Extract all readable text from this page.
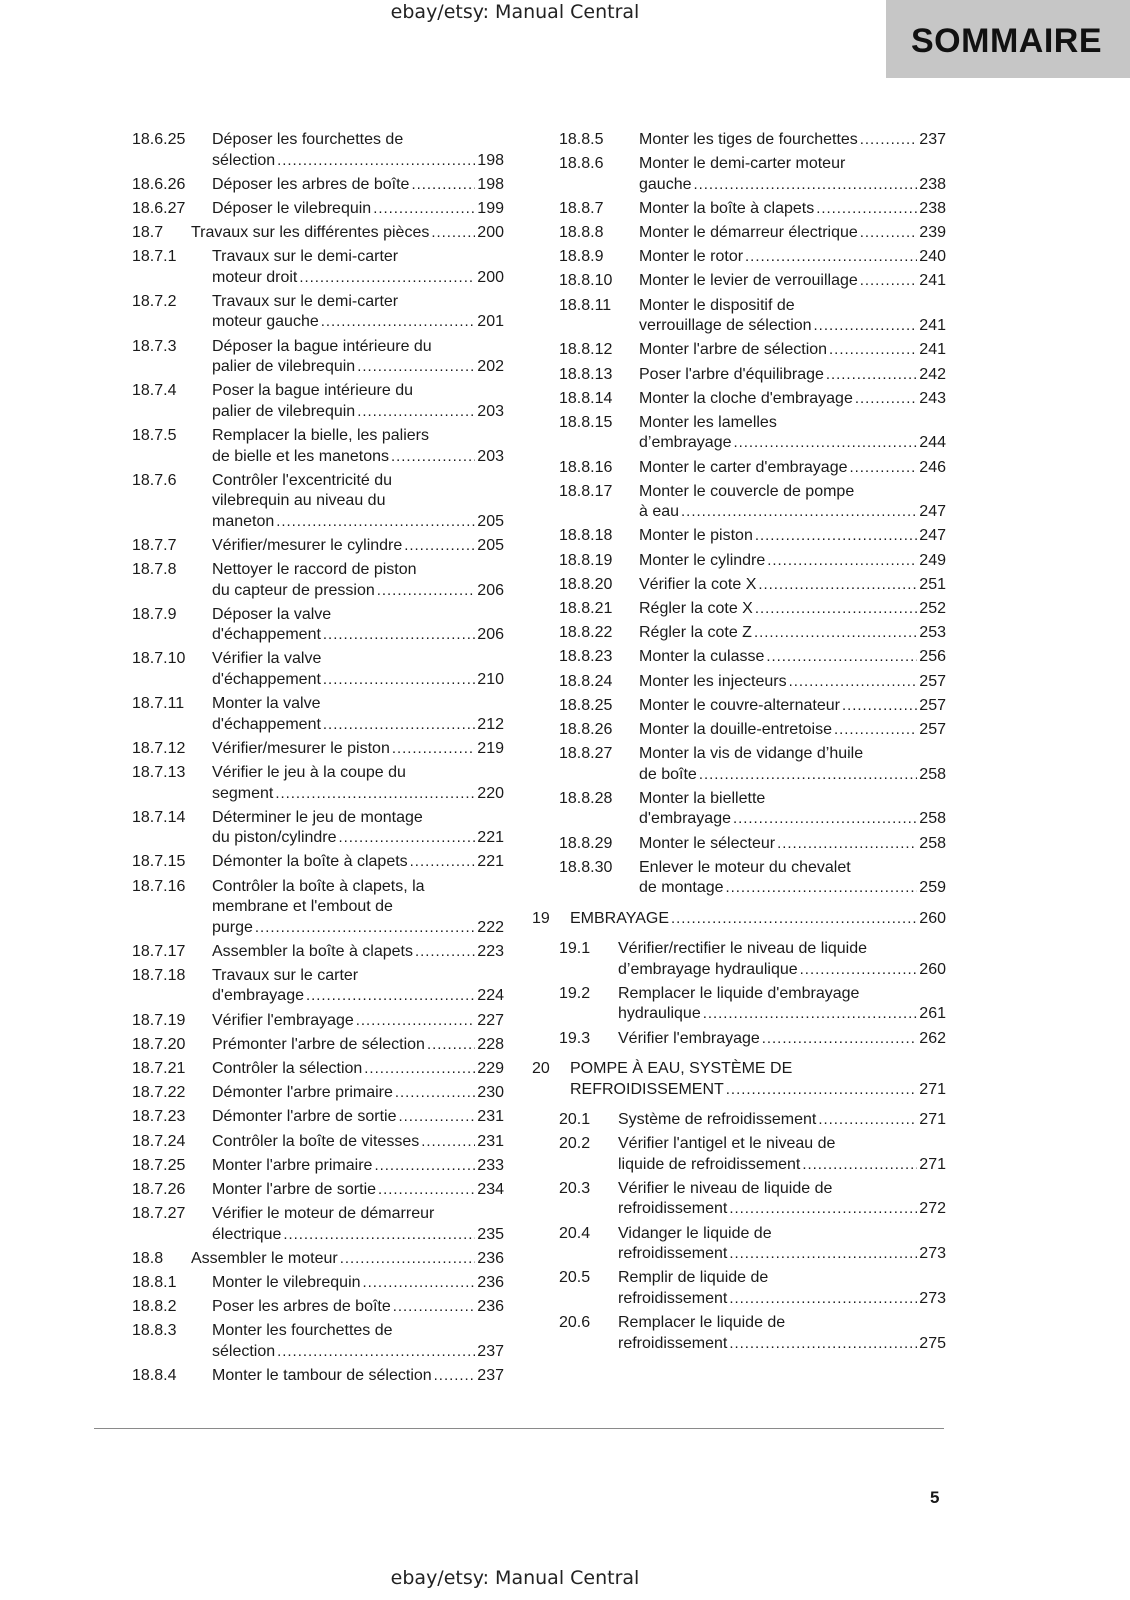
ebay/etsy: Manual Central
SOMMAIRE
18.6.25 Déposer les fourchettes de
sélection . . .	198
18.6.26 Déposer les arbres de boîte . . .	198
18.6.27 Déposer le vilebrequin . . .	199
18.7 Travaux sur les différentes pièces . . .	200
18.7.1 Travaux sur le demi-carter
moteur droit . . .	200
18.7.2 Travaux sur le demi-carter
moteur gauche . . .	201
18.7.3 Déposer la bague intérieure du
palier de vilebrequin . . .	202
18.7.4 Poser la bague intérieure du
palier de vilebrequin . . .	203
18.7.5 Remplacer la bielle, les paliers
de bielle et les manetons . . .	203
18.7.6 Contrôler l'excentricité du
vilebrequin au niveau du
maneton . . .	205
18.7.7 Vérifier/mesurer le cylindre . . .	205
18.7.8 Nettoyer le raccord de piston
du capteur de pression . . .	206
18.7.9 Déposer la valve
d'échappement . . .	206
18.7.10 Vérifier la valve
d'échappement . . .	210
18.7.11 Monter la valve
d'échappement . . .	212
18.7.12 Vérifier/mesurer le piston . . .	219
18.7.13 Vérifier le jeu à la coupe du
segment . . .	220
18.7.14 Déterminer le jeu de montage
du piston/cylindre . . .	221
18.7.15 Démonter la boîte à clapets . . .	221
18.7.16 Contrôler la boîte à clapets, la
membrane et l'embout de
purge . . .	222
18.7.17 Assembler la boîte à clapets . . .	223
18.7.18 Travaux sur le carter
d'embrayage . . .	224
18.7.19 Vérifier l'embrayage . . .	227
18.7.20 Prémonter l'arbre de sélection . . .	228
18.7.21 Contrôler la sélection . . .	229
18.7.22 Démonter l'arbre primaire . . .	230
18.7.23 Démonter l'arbre de sortie . . .	231
18.7.24 Contrôler la boîte de vitesses . . .	231
18.7.25 Monter l'arbre primaire . . .	233
18.7.26 Monter l'arbre de sortie . . .	234
18.7.27 Vérifier le moteur de démarreur
électrique . . .	235
18.8 Assembler le moteur . . .	236
18.8.1 Monter le vilebrequin . . .	236
18.8.2 Poser les arbres de boîte . . .	236
18.8.3 Monter les fourchettes de
sélection . . .	237
18.8.4 Monter le tambour de sélection . . .	237
18.8.5 Monter les tiges de fourchettes . . .	237
18.8.6 Monter le demi-carter moteur
gauche . . .	238
18.8.7 Monter la boîte à clapets . . .	238
18.8.8 Monter le démarreur électrique . . .	239
18.8.9 Monter le rotor . . .	240
18.8.10 Monter le levier de verrouillage . . .	241
18.8.11 Monter le dispositif de
verrouillage de sélection . . .	241
18.8.12 Monter l'arbre de sélection . . .	241
18.8.13 Poser l'arbre d'équilibrage . . .	242
18.8.14 Monter la cloche d'embrayage . . .	243
18.8.15 Monter les lamelles
d’embrayage . . .	244
18.8.16 Monter le carter d'embrayage . . .	246
18.8.17 Monter le couvercle de pompe
à eau . . .	247
18.8.18 Monter le piston . . .	247
18.8.19 Monter le cylindre . . .	249
18.8.20 Vérifier la cote X . . .	251
18.8.21 Régler la cote X . . .	252
18.8.22 Régler la cote Z . . .	253
18.8.23 Monter la culasse . . .	256
18.8.24 Monter les injecteurs . . .	257
18.8.25 Monter le couvre-alternateur . . .	257
18.8.26 Monter la douille-entretoise . . .	257
18.8.27 Monter la vis de vidange d’huile
de boîte . . .	258
18.8.28 Monter la biellette
d'embrayage . . .	258
18.8.29 Monter le sélecteur . . .	258
18.8.30 Enlever le moteur du chevalet
de montage . . .	259
19 EMBRAYAGE . . .	260
19.1 Vérifier/rectifier le niveau de liquide
d’embrayage hydraulique . . .	260
19.2 Remplacer le liquide d'embrayage
hydraulique . . .	261
19.3 Vérifier l'embrayage . . .	262
20 POMPE À EAU, SYSTÈME DE
REFROIDISSEMENT . . .	271
20.1 Système de refroidissement . . .	271
20.2 Vérifier l'antigel et le niveau de
liquide de refroidissement . . .	271
20.3 Vérifier le niveau de liquide de
refroidissement . . .	272
20.4 Vidanger le liquide de
refroidissement . . .	273
20.5 Remplir de liquide de
refroidissement . . .	273
20.6 Remplacer le liquide de
refroidissement . . .	275
5
ebay/etsy: Manual Central
